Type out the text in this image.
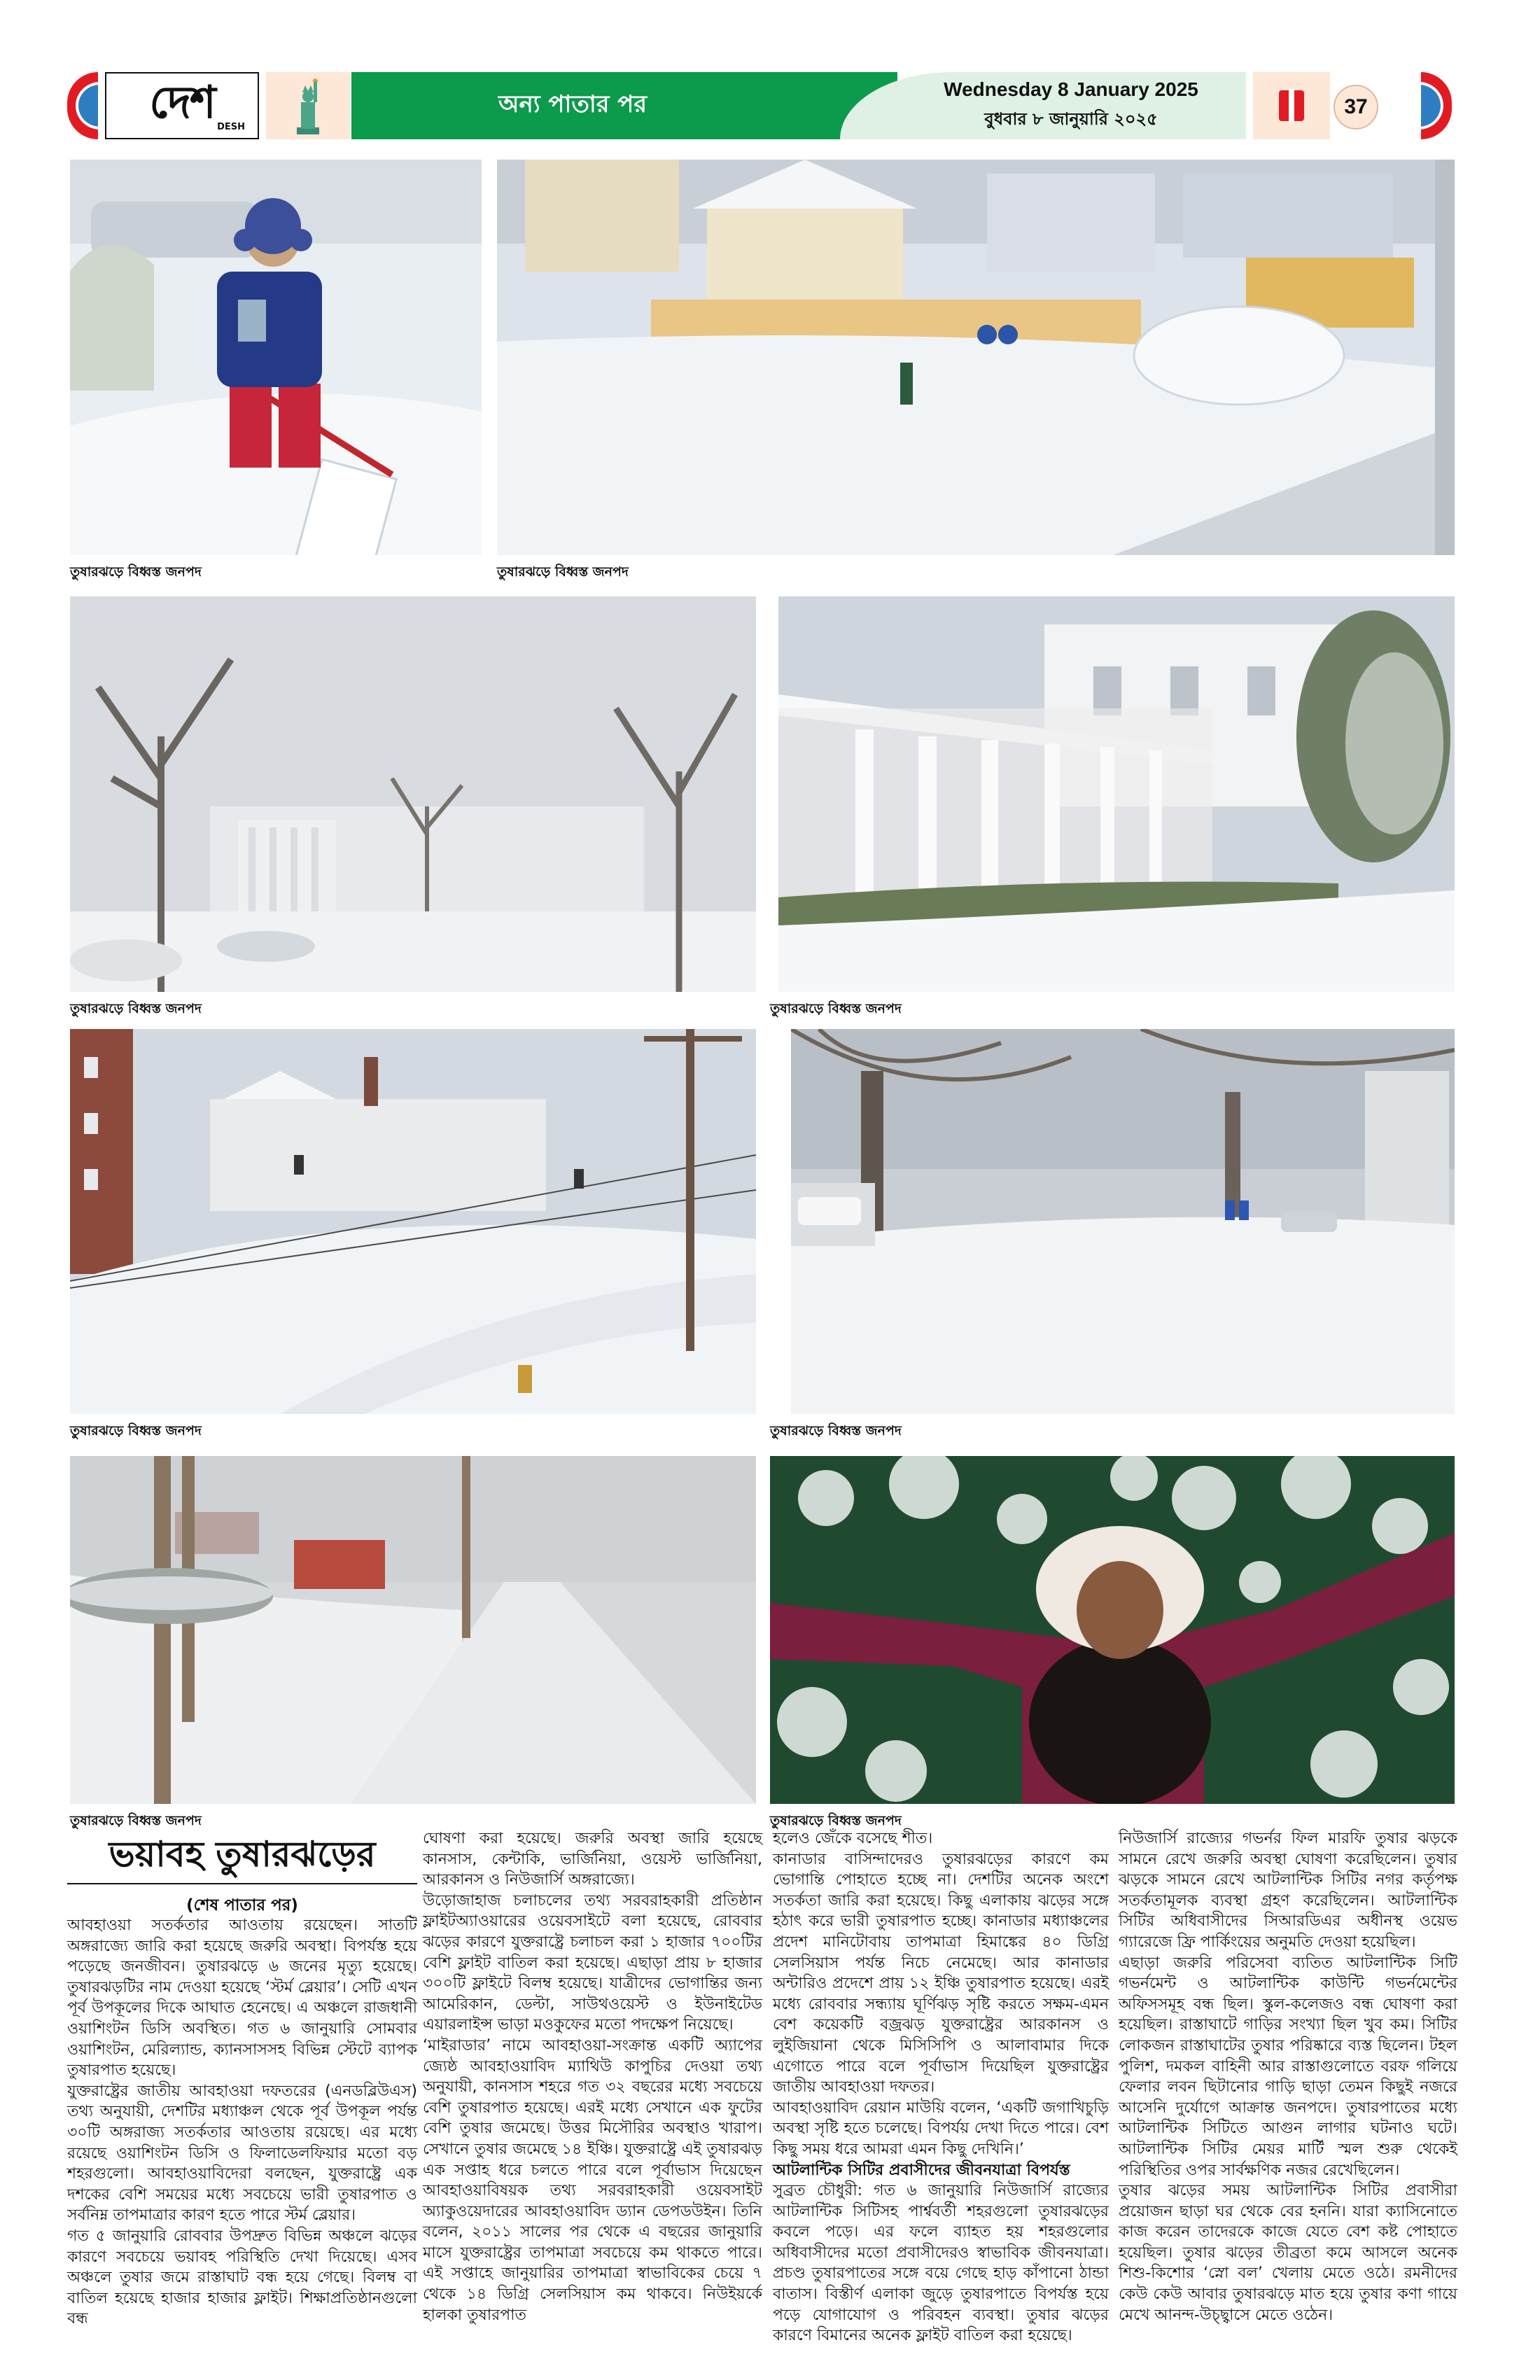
দেশ DESH
অন্য পাতার পর
Wednesday 8 January 2025
বুধবার ৮ জানুয়ারি ২০২৫
37
তুষারঝড়ে বিধ্বস্ত জনপদ	তুষারঝড়ে বিধ্বস্ত জনপদ
তুষারঝড়ে বিধ্বস্ত জনপদ	তুষারঝড়ে বিধ্বস্ত জনপদ
তুষারঝড়ে বিধ্বস্ত জনপদ	তুষারঝড়ে বিধ্বস্ত জনপদ
তুষারঝড়ে বিধ্বস্ত জনপদ	তুষারঝড়ে বিধ্বস্ত জনপদ
ভয়াবহ তুষারঝড়ের
(শেষ পাতার পর)

আবহাওয়া সতর্কতার আওতায় রয়েছেন। সাতটি অঙ্গরাজ্যে জারি করা হয়েছে জরুরি অবস্থা। বিপর্যস্ত হয়ে পড়েছে জনজীবন। তুষারঝড়ে ৬ জনের মৃত্যু হয়েছে। তুষারঝড়টির নাম দেওয়া হয়েছে ‘স্টর্ম ব্লেয়ার’। সেটি এখন পূর্ব উপকূলের দিকে আঘাত হেনেছে। এ অঞ্চলে রাজধানী ওয়াশিংটন ডিসি অবস্থিত। গত ৬ জানুয়ারি সোমবার ওয়াশিংটন, মেরিল্যান্ড, ক্যানসাসসহ বিভিন্ন স্টেটে ব্যাপক তুষারপাত হয়েছে।

যুক্তরাষ্ট্রের জাতীয় আবহাওয়া দফতরের (এনডব্লিউএস) তথ্য অনুযায়ী, দেশটির মধ্যাঞ্চল থেকে পূর্ব উপকূল পর্যন্ত ৩০টি অঙ্গরাজ্য সতর্কতার আওতায় রয়েছে। এর মধ্যে রয়েছে ওয়াশিংটন ডিসি ও ফিলাডেলফিয়ার মতো বড় শহরগুলো। আবহাওয়াবিদেরা বলছেন, যুক্তরাষ্ট্রে এক দশকের বেশি সময়ের মধ্যে সবচেয়ে ভারী তুষারপাত ও সর্বনিম্ন তাপমাত্রার কারণ হতে পারে স্টর্ম ব্লেয়ার।

গত ৫ জানুয়ারি রোববার উপদ্রুত বিভিন্ন অঞ্চলে ঝড়ের কারণে সবচেয়ে ভয়াবহ পরিস্থিতি দেখা দিয়েছে। এসব অঞ্চলে তুষার জমে রাস্তাঘাট বন্ধ হয়ে গেছে। বিলম্ব বা বাতিল হয়েছে হাজার হাজার ফ্লাইট। শিক্ষাপ্রতিষ্ঠানগুলো বন্ধ

ঘোষণা করা হয়েছে। জরুরি অবস্থা জারি হয়েছে কানসাস, কেন্টাকি, ভার্জিনিয়া, ওয়েস্ট ভার্জিনিয়া, আরকানস ও নিউজার্সি অঙ্গরাজ্যে।

উড়োজাহাজ চলাচলের তথ্য সরবরাহকারী প্রতিষ্ঠান ফ্লাইটঅ্যাওয়ারের ওয়েবসাইটে বলা হয়েছে, রোববার ঝড়ের কারণে যুক্তরাষ্ট্রে চলাচল করা ১ হাজার ৭০০টির বেশি ফ্লাইট বাতিল করা হয়েছে। এছাড়া প্রায় ৮ হাজার ৩০০টি ফ্লাইটে বিলম্ব হয়েছে। যাত্রীদের ভোগান্তির জন্য আমেরিকান, ডেল্টা, সাউথওয়েস্ট ও ইউনাইটেড এয়ারলাইন্স ভাড়া মওকুফের মতো পদক্ষেপ নিয়েছে।

‘মাইরাডার’ নামে আবহাওয়া-সংক্রান্ত একটি অ্যাপের জ্যেষ্ঠ আবহাওয়াবিদ ম্যাথিউ কাপুচির দেওয়া তথ্য অনুযায়ী, কানসাস শহরে গত ৩২ বছরের মধ্যে সবচেয়ে বেশি তুষারপাত হয়েছে। এরই মধ্যে সেখানে এক ফুটের বেশি তুষার জমেছে। উত্তর মিসৌরির অবস্থাও খারাপ। সেখানে তুষার জমেছে ১৪ ইঞ্চি। যুক্তরাষ্ট্রে এই তুষারঝড় এক সপ্তাহ ধরে চলতে পারে বলে পূর্বাভাস দিয়েছেন আবহাওয়াবিষয়ক তথ্য সরবরাহকারী ওয়েবসাইট অ্যাকুওয়েদারের আবহাওয়াবিদ ড্যান ডেপডউইন। তিনি বলেন, ২০১১ সালের পর থেকে এ বছরের জানুয়ারি মাসে যুক্তরাষ্ট্রের তাপমাত্রা সবচেয়ে কম থাকতে পারে। এই সপ্তাহে জানুয়ারির তাপমাত্রা স্বাভাবিকের চেয়ে ৭ থেকে ১৪ ডিগ্রি সেলসিয়াস কম থাকবে। নিউইয়র্কে হালকা তুষারপাত

হলেও জেঁকে বসেছে শীত।

কানাডার বাসিন্দাদেরও তুষারঝড়ের কারণে কম ভোগান্তি পোহাতে হচ্ছে না। দেশটির অনেক অংশে সতর্কতা জারি করা হয়েছে। কিছু এলাকায় ঝড়ের সঙ্গে হঠাৎ করে ভারী তুষারপাত হচ্ছে। কানাডার মধ্যাঞ্চলের প্রদেশ মানিটোবায় তাপমাত্রা হিমাঙ্কের ৪০ ডিগ্রি সেলসিয়াস পর্যন্ত নিচে নেমেছে। আর কানাডার অন্টারিও প্রদেশে প্রায় ১২ ইঞ্চি তুষারপাত হয়েছে। এরই মধ্যে রোববার সন্ধ্যায় ঘূর্ণিঝড় সৃষ্টি করতে সক্ষম-এমন বেশ কয়েকটি বজ্রঝড় যুক্তরাষ্ট্রের আরকানস ও লুইজিয়ানা থেকে মিসিসিপি ও আলাবামার দিকে এগোতে পারে বলে পূর্বাভাস দিয়েছিল যুক্তরাষ্ট্রের জাতীয় আবহাওয়া দফতর।

আবহাওয়াবিদ রেয়ান মাউয়ি বলেন, ‘একটি জগাখিচুড়ি অবস্থা সৃষ্টি হতে চলেছে। বিপর্যয় দেখা দিতে পারে। বেশ কিছু সময় ধরে আমরা এমন কিছু দেখিনি।’

আটলান্টিক সিটির প্রবাসীদের জীবনযাত্রা বিপর্যস্ত

সুব্রত চৌধুরী: গত ৬ জানুয়ারি নিউজার্সি রাজ্যের আটলান্টিক সিটিসহ পার্শ্ববর্তী শহরগুলো তুষারঝড়ের কবলে পড়ে। এর ফলে ব্যাহত হয় শহরগুলোর অধিবাসীদের মতো প্রবাসীদেরও স্বাভাবিক জীবনযাত্রা। প্রচণ্ড তুষারপাতের সঙ্গে বয়ে গেছে হাড় কাঁপানো ঠান্ডা বাতাস। বিস্তীর্ণ এলাকা জুড়ে তুষারপাতে বিপর্যস্ত হয়ে পড়ে যোগাযোগ ও পরিবহন ব্যবস্থা। তুষার ঝড়ের কারণে বিমানের অনেক ফ্লাইট বাতিল করা হয়েছে।

নিউজার্সি রাজ্যের গভর্নর ফিল মারফি তুষার ঝড়কে সামনে রেখে জরুরি অবস্থা ঘোষণা করেছিলেন। তুষার ঝড়কে সামনে রেখে আটলান্টিক সিটির নগর কর্তৃপক্ষ সতর্কতামূলক ব্যবস্থা গ্রহণ করেছিলেন। আটলান্টিক সিটির অধিবাসীদের সিআরডিএর অধীনস্থ ওয়েভ গ্যারেজে ফ্রি পার্কিংয়ের অনুমতি দেওয়া হয়েছিল।

এছাড়া জরুরি পরিসেবা ব্যতিত আটলান্টিক সিটি গভর্নমেন্ট ও আটলান্টিক কাউন্টি গভর্নমেন্টের অফিসসমূহ বন্ধ ছিল। স্কুল-কলেজও বন্ধ ঘোষণা করা হয়েছিল। রাস্তাঘাটে গাড়ির সংখ্যা ছিল খুব কম। সিটির লোকজন রাস্তাঘাটের তুষার পরিষ্কারে ব্যস্ত ছিলেন। টহল পুলিশ, দমকল বাহিনী আর রাস্তাগুলোতে বরফ গলিয়ে ফেলার লবন ছিটানোর গাড়ি ছাড়া তেমন কিছুই নজরে আসেনি দুর্যোগে আক্রান্ত জনপদে। তুষারপাতের মধ্যে আটলান্টিক সিটিতে আগুন লাগার ঘটনাও ঘটে। আটলান্টিক সিটির মেয়র মার্টি স্মল শুরু থেকেই পরিস্থিতির ওপর সার্বক্ষণিক নজর রেখেছিলেন।

তুষার ঝড়ের সময় আটলান্টিক সিটির প্রবাসীরা প্রয়োজন ছাড়া ঘর থেকে বের হননি। যারা ক্যাসিনোতে কাজ করেন তাদেরকে কাজে যেতে বেশ কষ্ট পোহাতে হয়েছিল। তুষার ঝড়ের তীব্রতা কমে আসলে অনেক শিশু-কিশোর ‘স্নো বল’ খেলায় মেতে ওঠে। রমনীদের কেউ কেউ আবার তুষারঝড়ে মাত হয়ে তুষার কণা গায়ে মেখে আনন্দ-উচ্ছ্বাসে মেতে ওঠেন।
